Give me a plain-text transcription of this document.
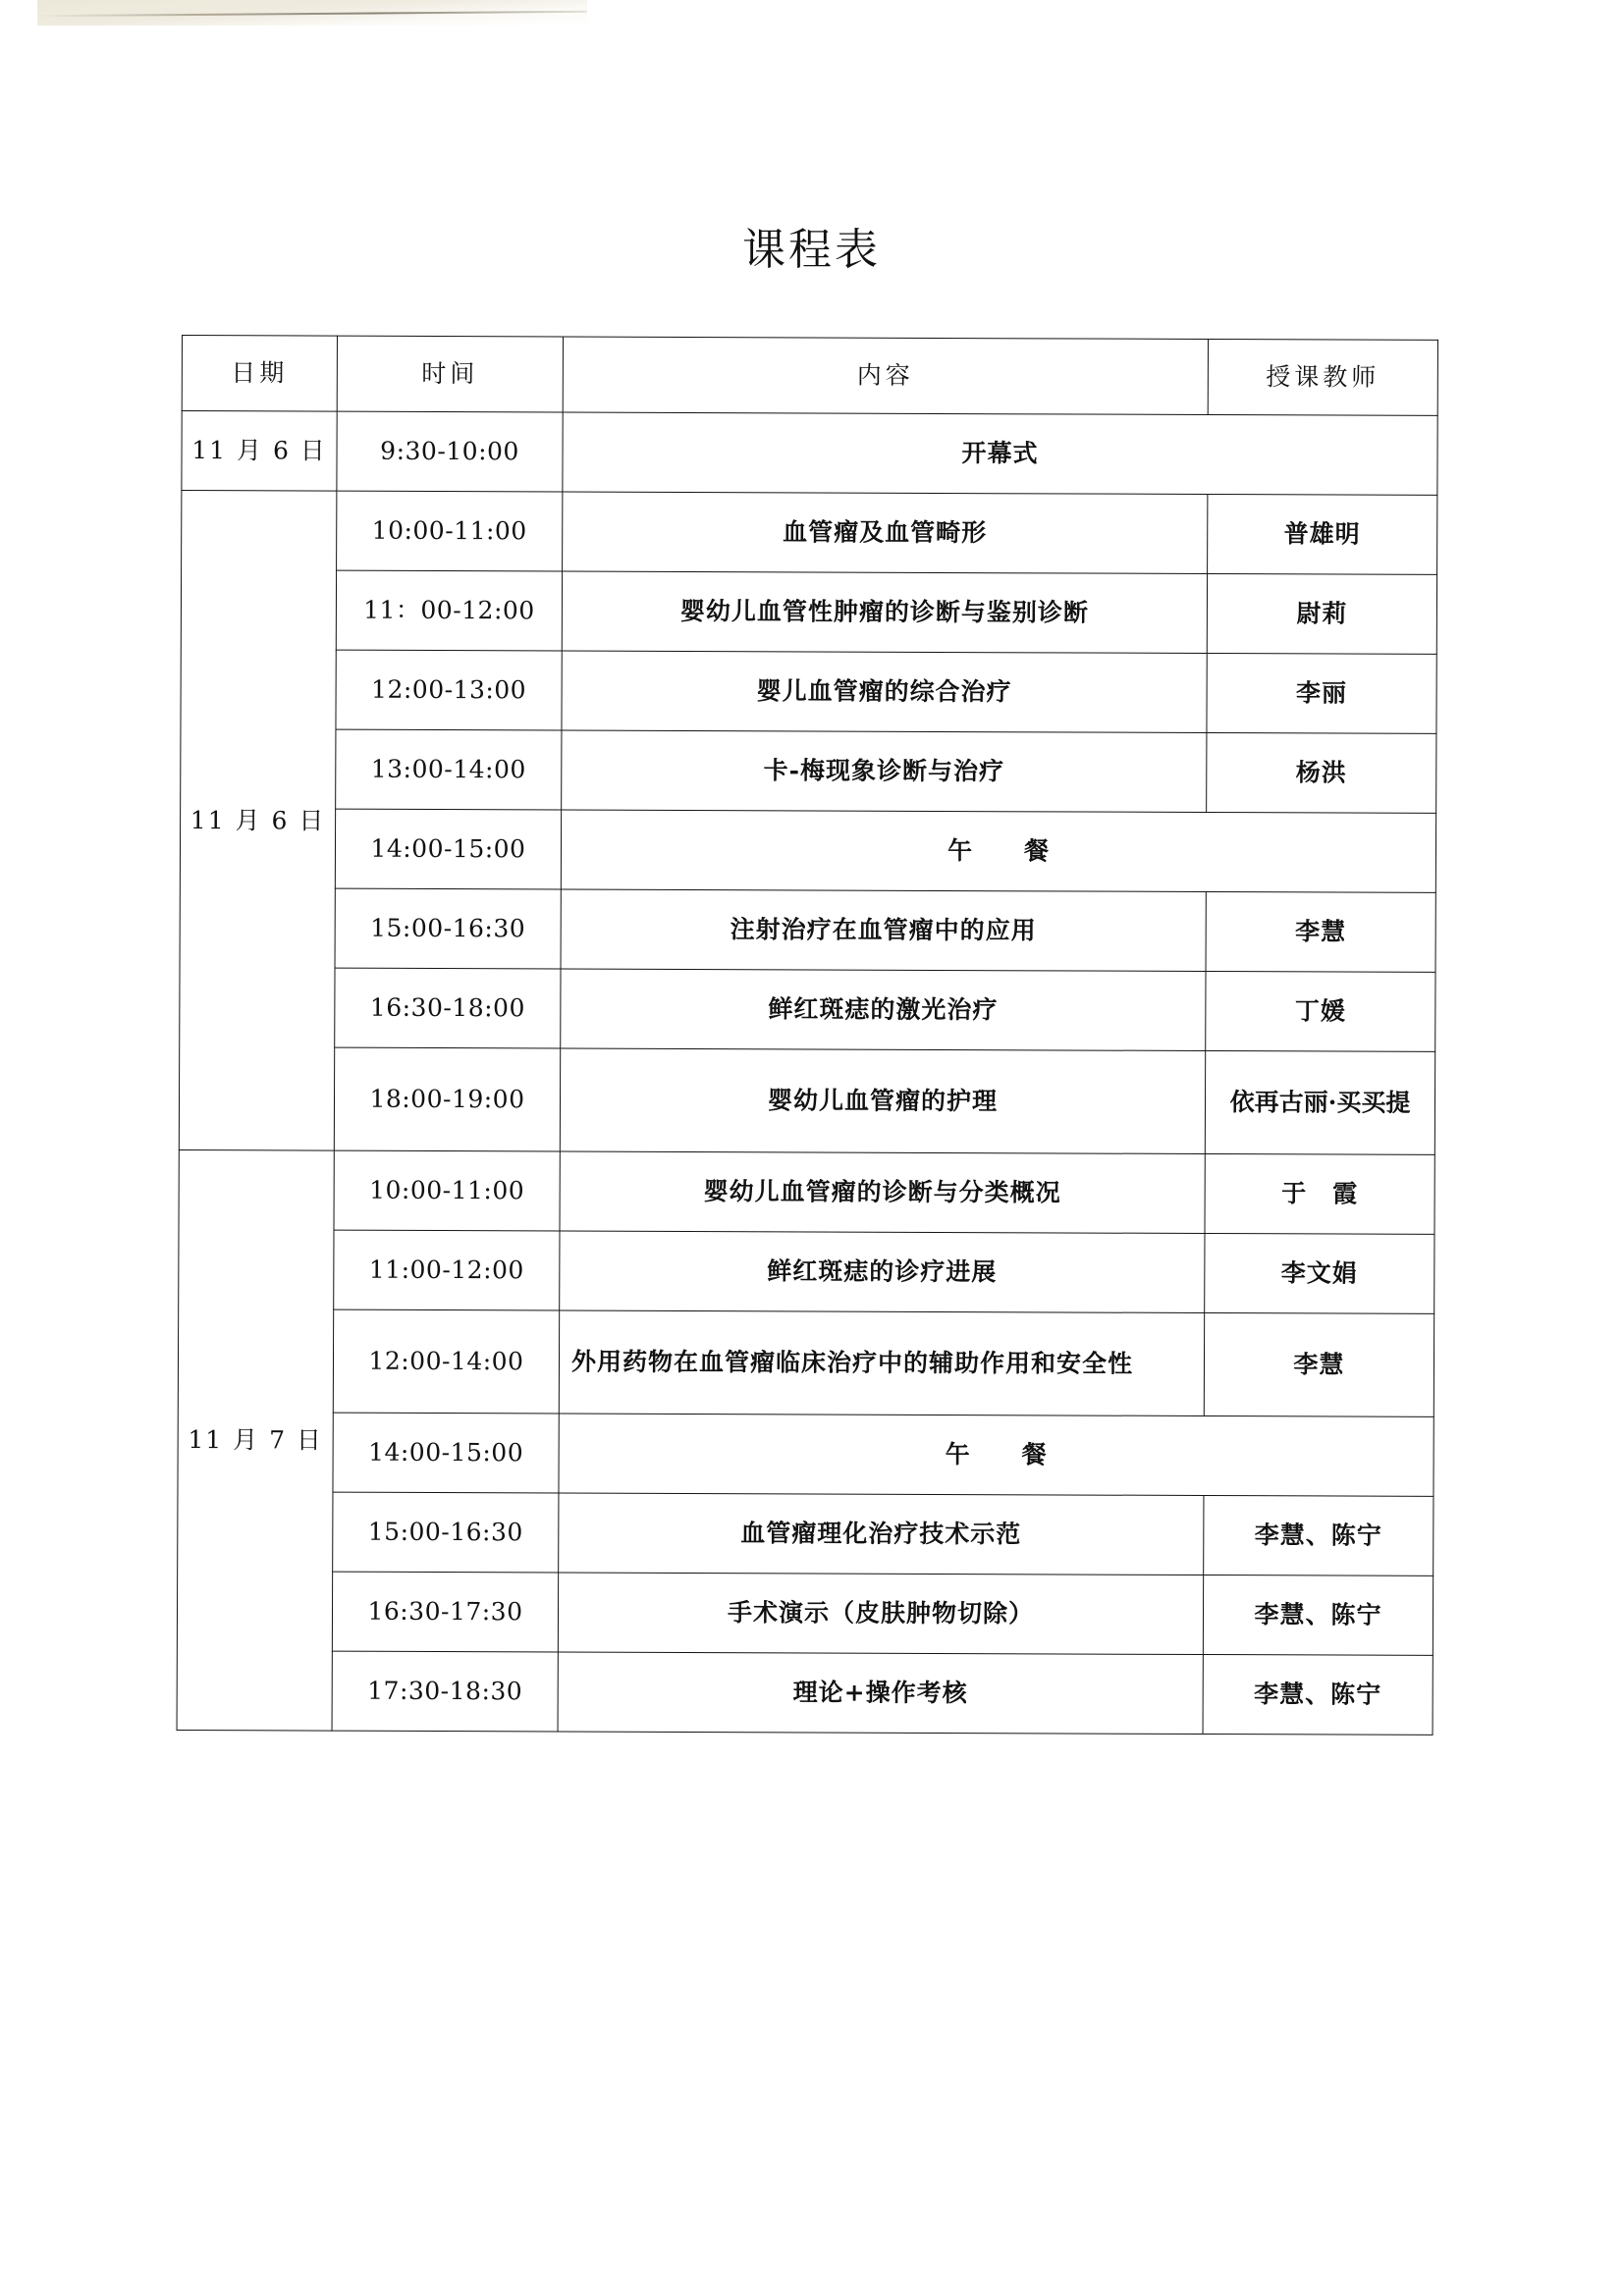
课程表
日期	时间	内容	授课教师
11 月 6 日	9:30-10:00	开幕式	
11 月 6 日	10:00-11:00	血管瘤及血管畸形	普雄明
	11：00-12:00	婴幼儿血管性肿瘤的诊断与鉴别诊断	尉莉
	12:00-13:00	婴儿血管瘤的综合治疗	李丽
	13:00-14:00	卡-梅现象诊断与治疗	杨洪
	14:00-15:00	午　　餐	
	15:00-16:30	注射治疗在血管瘤中的应用	李慧
	16:30-18:00	鲜红斑痣的激光治疗	丁媛
	18:00-19:00	婴幼儿血管瘤的护理	依再古丽·买买提
11 月 7 日	10:00-11:00	婴幼儿血管瘤的诊断与分类概况	于　霞
	11:00-12:00	鲜红斑痣的诊疗进展	李文娟
	12:00-14:00	外用药物在血管瘤临床治疗中的辅助作用和安全性	李慧
	14:00-15:00	午　　餐	
	15:00-16:30	血管瘤理化治疗技术示范	李慧、陈宁
	16:30-17:30	手术演示（皮肤肿物切除）	李慧、陈宁
	17:30-18:30	理论+操作考核	李慧、陈宁
